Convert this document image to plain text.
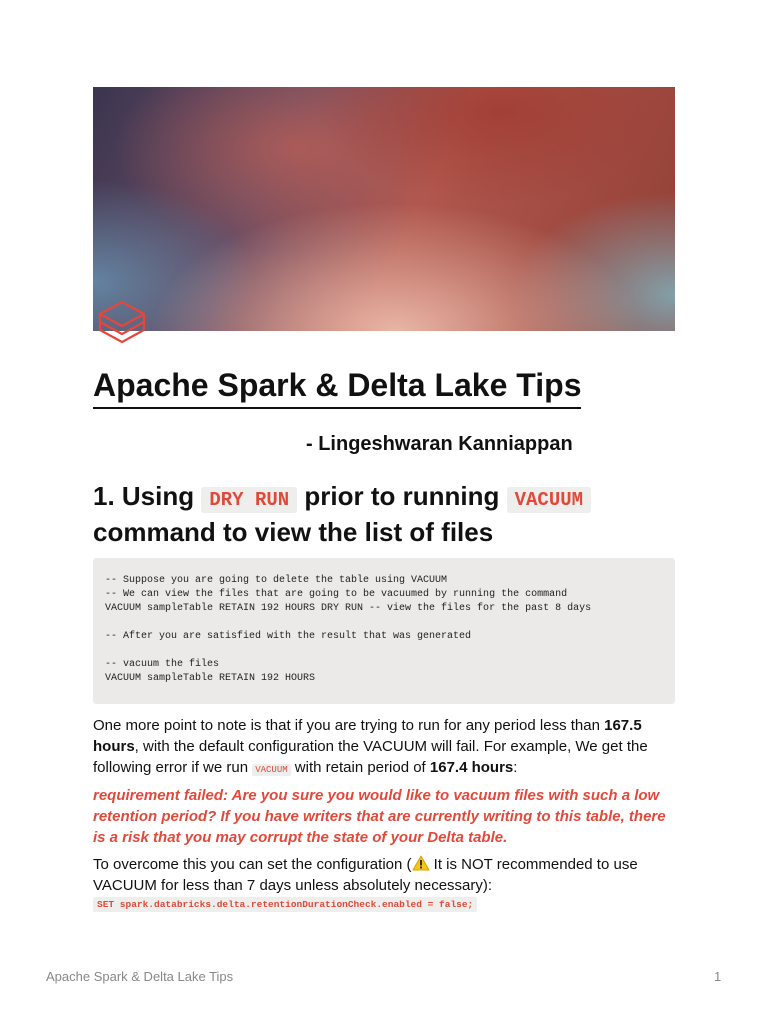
Apache Spark & Delta Lake Tips
- Lingeshwaran Kanniappan
1. Using DRY RUN prior to running VACUUM command to view the list of files
-- Suppose you are going to delete the table using VACUUM
-- We can view the files that are going to be vacuumed by running the command
VACUUM sampleTable RETAIN 192 HOURS DRY RUN -- view the files for the past 8 days
-- After you are satisfied with the result that was generated
-- vacuum the files
VACUUM sampleTable RETAIN 192 HOURS

One more point to note is that if you are trying to run for any period less than 167.5 hours, with the default configuration the VACUUM will fail. For example, We get the following error if we run VACUUM with retain period of 167.4 hours:

requirement failed: Are you sure you would like to vacuum files with such a low retention period? If you have writers that are currently writing to this table, there is a risk that you may corrupt the state of your Delta table.

To overcome this you can set the configuration (
It is NOT recommended to use VACUUM for less than 7 days unless absolutely necessary):

SET spark.databricks.delta.retentionDurationCheck.enabled = false;
Apache Spark & Delta Lake Tips	1
